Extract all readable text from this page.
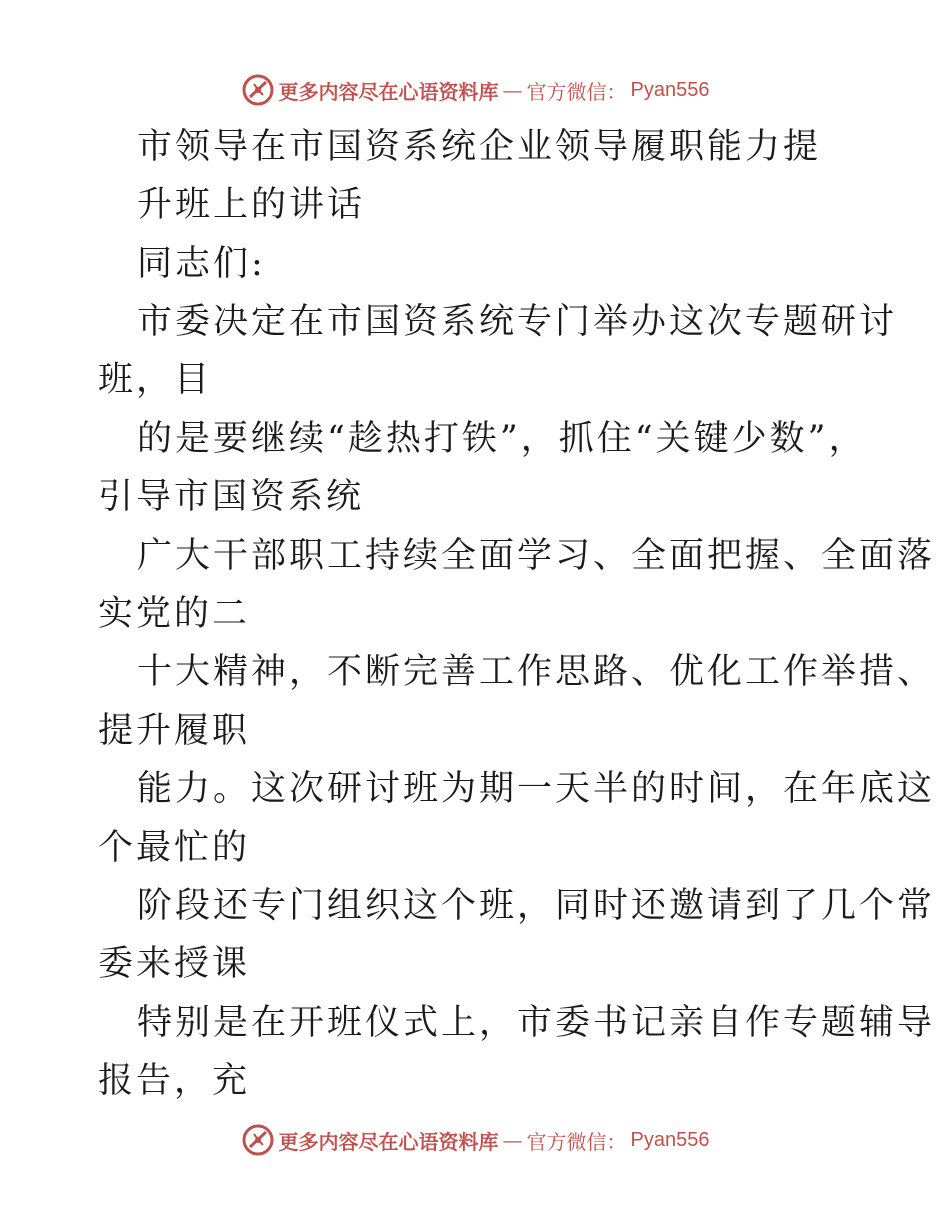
更多内容尽在心语资料库 — 官方微信： Pyan556
市领导在市国资系统企业领导履职能力提
升班上的讲话
同志们:
市委决定在市国资系统专门举办这次专题研讨
班，目
的是要继续“趁热打铁”，抓住“关键少数”，
引导市国资系统
广大干部职工持续全面学习、全面把握、全面落
实党的二
十大精神，不断完善工作思路、优化工作举措、
提升履职
能力。这次研讨班为期一天半的时间，在年底这
个最忙的
阶段还专门组织这个班，同时还邀请到了几个常
委来授课
特别是在开班仪式上，市委书记亲自作专题辅导
报告，充
更多内容尽在心语资料库 — 官方微信： Pyan556
